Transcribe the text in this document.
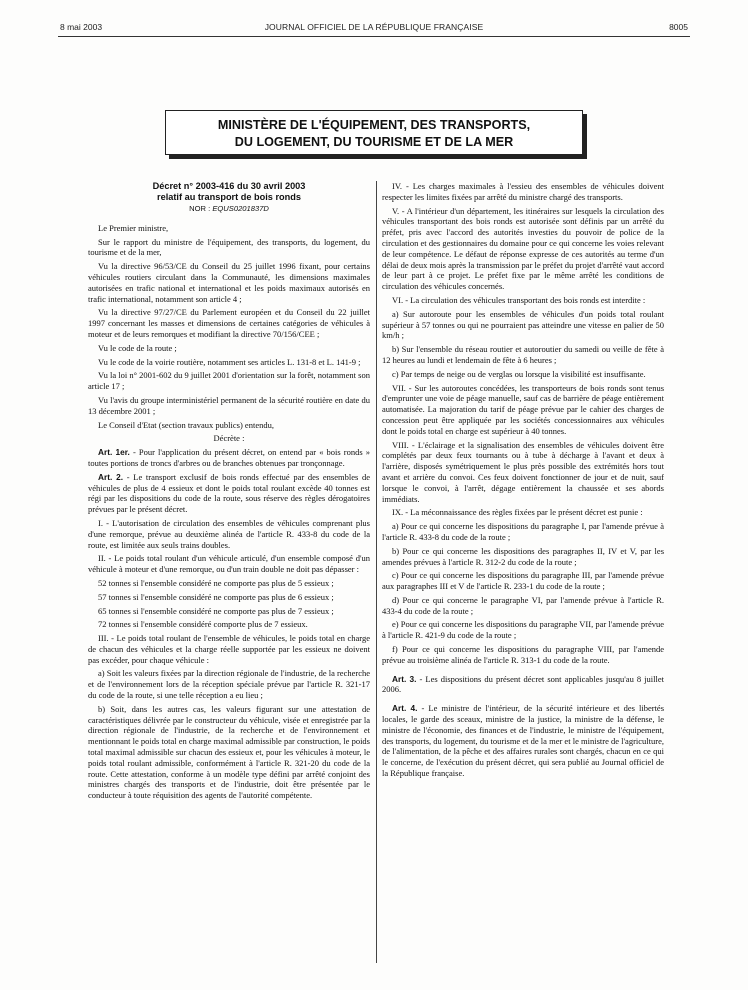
JOURNAL OFFICIEL DE LA RÉPUBLIQUE FRANÇAISE
8 mai 2003	8005
MINISTÈRE DE L'ÉQUIPEMENT, DES TRANSPORTS,
DU LOGEMENT, DU TOURISME ET DE LA MER
Décret n° 2003-416 du 30 avril 2003
relatif au transport de bois ronds
NOR : EQUS0201837D

Le Premier ministre,

Sur le rapport du ministre de l'équipement, des transports, du logement, du tourisme et de la mer,

Vu la directive 96/53/CE du Conseil du 25 juillet 1996 fixant, pour certains véhicules routiers circulant dans la Communauté, les dimensions maximales autorisées en trafic national et international et les poids maximaux autorisés en trafic international, notamment son article 4 ;

Vu la directive 97/27/CE du Parlement européen et du Conseil du 22 juillet 1997 concernant les masses et dimensions de certaines catégories de véhicules à moteur et de leurs remorques et modifiant la directive 70/156/CEE ;

Vu le code de la route ;

Vu le code de la voirie routière, notamment ses articles L. 131-8 et L. 141-9 ;

Vu la loi n° 2001-602 du 9 juillet 2001 d'orientation sur la forêt, notamment son article 17 ;

Vu l'avis du groupe interministériel permanent de la sécurité routière en date du 13 décembre 2001 ;

Le Conseil d'Etat (section travaux publics) entendu,

Décrète :

Art. 1er. - Pour l'application du présent décret, on entend par « bois ronds » toutes portions de troncs d'arbres ou de branches obtenues par tronçonnage.

Art. 2. - Le transport exclusif de bois ronds effectué par des ensembles de véhicules de plus de 4 essieux et dont le poids total roulant excède 40 tonnes est régi par les dispositions du code de la route, sous réserve des règles dérogatoires prévues par le présent décret.

I. - L'autorisation de circulation des ensembles de véhicules comprenant plus d'une remorque, prévue au deuxième alinéa de l'article R. 433-8 du code de la route, est limitée aux seuls trains doubles.

II. - Le poids total roulant d'un véhicule articulé, d'un ensemble composé d'un véhicule à moteur et d'une remorque, ou d'un train double ne doit pas dépasser :

52 tonnes si l'ensemble considéré ne comporte pas plus de 5 essieux ;

57 tonnes si l'ensemble considéré ne comporte pas plus de 6 essieux ;

65 tonnes si l'ensemble considéré ne comporte pas plus de 7 essieux ;

72 tonnes si l'ensemble considéré comporte plus de 7 essieux.

III. - Le poids total roulant de l'ensemble de véhicules, le poids total en charge de chacun des véhicules et la charge réelle supportée par les essieux ne doivent pas excéder, pour chaque véhicule :

a) Soit les valeurs fixées par la direction régionale de l'industrie, de la recherche et de l'environnement lors de la réception spéciale prévue par l'article R. 321-17 du code de la route, si une telle réception a eu lieu ;

b) Soit, dans les autres cas, les valeurs figurant sur une attestation de caractéristiques délivrée par le constructeur du véhicule, visée et enregistrée par la direction régionale de l'industrie, de la recherche et de l'environnement et mentionnant le poids total en charge maximal admissible par construction, le poids total maximal admissible sur chacun des essieux et, pour les véhicules à moteur, le poids total roulant admissible, conformément à l'article R. 321-20 du code de la route. Cette attestation, conforme à un modèle type défini par arrêté conjoint des ministres chargés des transports et de l'industrie, doit être présentée par le conducteur à toute réquisition des agents de l'autorité compétente.

IV. - Les charges maximales à l'essieu des ensembles de véhicules doivent respecter les limites fixées par arrêté du ministre chargé des transports.

V. - A l'intérieur d'un département, les itinéraires sur lesquels la circulation des véhicules transportant des bois ronds est autorisée sont définis par un arrêté du préfet, pris avec l'accord des autorités investies du pouvoir de police de la circulation et des gestionnaires du domaine pour ce qui concerne les voies relevant de leur compétence. Le défaut de réponse expresse de ces autorités au terme d'un délai de deux mois après la transmission par le préfet du projet d'arrêté vaut accord de leur part à ce projet. Le préfet fixe par le même arrêté les conditions de circulation des véhicules concernés.

VI. - La circulation des véhicules transportant des bois ronds est interdite :

a) Sur autoroute pour les ensembles de véhicules d'un poids total roulant supérieur à 57 tonnes ou qui ne pourraient pas atteindre une vitesse en palier de 50 km/h ;

b) Sur l'ensemble du réseau routier et autoroutier du samedi ou veille de fête à 12 heures au lundi et lendemain de fête à 6 heures ;

c) Par temps de neige ou de verglas ou lorsque la visibilité est insuffisante.

VII. - Sur les autoroutes concédées, les transporteurs de bois ronds sont tenus d'emprunter une voie de péage manuelle, sauf cas de barrière de péage entièrement automatisée. La majoration du tarif de péage prévue par le cahier des charges de concession peut être appliquée par les sociétés concessionnaires aux véhicules dont le poids total en charge est supérieur à 40 tonnes.

VIII. - L'éclairage et la signalisation des ensembles de véhicules doivent être complétés par deux feux tournants ou à tube à décharge à l'avant et deux à l'arrière, disposés symétriquement le plus près possible des extrémités hors tout avant et arrière du convoi. Ces feux doivent fonctionner de jour et de nuit, sauf lorsque le convoi, à l'arrêt, dégage entièrement la chaussée et ses abords immédiats.

IX. - La méconnaissance des règles fixées par le présent décret est punie :

a) Pour ce qui concerne les dispositions du paragraphe I, par l'amende prévue à l'article R. 433-8 du code de la route ;

b) Pour ce qui concerne les dispositions des paragraphes II, IV et V, par les amendes prévues à l'article R. 312-2 du code de la route ;

c) Pour ce qui concerne les dispositions du paragraphe III, par l'amende prévue aux paragraphes III et V de l'article R. 233-1 du code de la route ;

d) Pour ce qui concerne le paragraphe VI, par l'amende prévue à l'article R. 433-4 du code de la route ;

e) Pour ce qui concerne les dispositions du paragraphe VII, par l'amende prévue à l'article R. 421-9 du code de la route ;

f) Pour ce qui concerne les dispositions du paragraphe VIII, par l'amende prévue au troisième alinéa de l'article R. 313-1 du code de la route.

Art. 3. - Les dispositions du présent décret sont applicables jusqu'au 8 juillet 2006.

Art. 4. - Le ministre de l'intérieur, de la sécurité intérieure et des libertés locales, le garde des sceaux, ministre de la justice, la ministre de la défense, le ministre de l'économie, des finances et de l'industrie, le ministre de l'équipement, des transports, du logement, du tourisme et de la mer et le ministre de l'agriculture, de l'alimentation, de la pêche et des affaires rurales sont chargés, chacun en ce qui le concerne, de l'exécution du présent décret, qui sera publié au Journal officiel de la République française.
